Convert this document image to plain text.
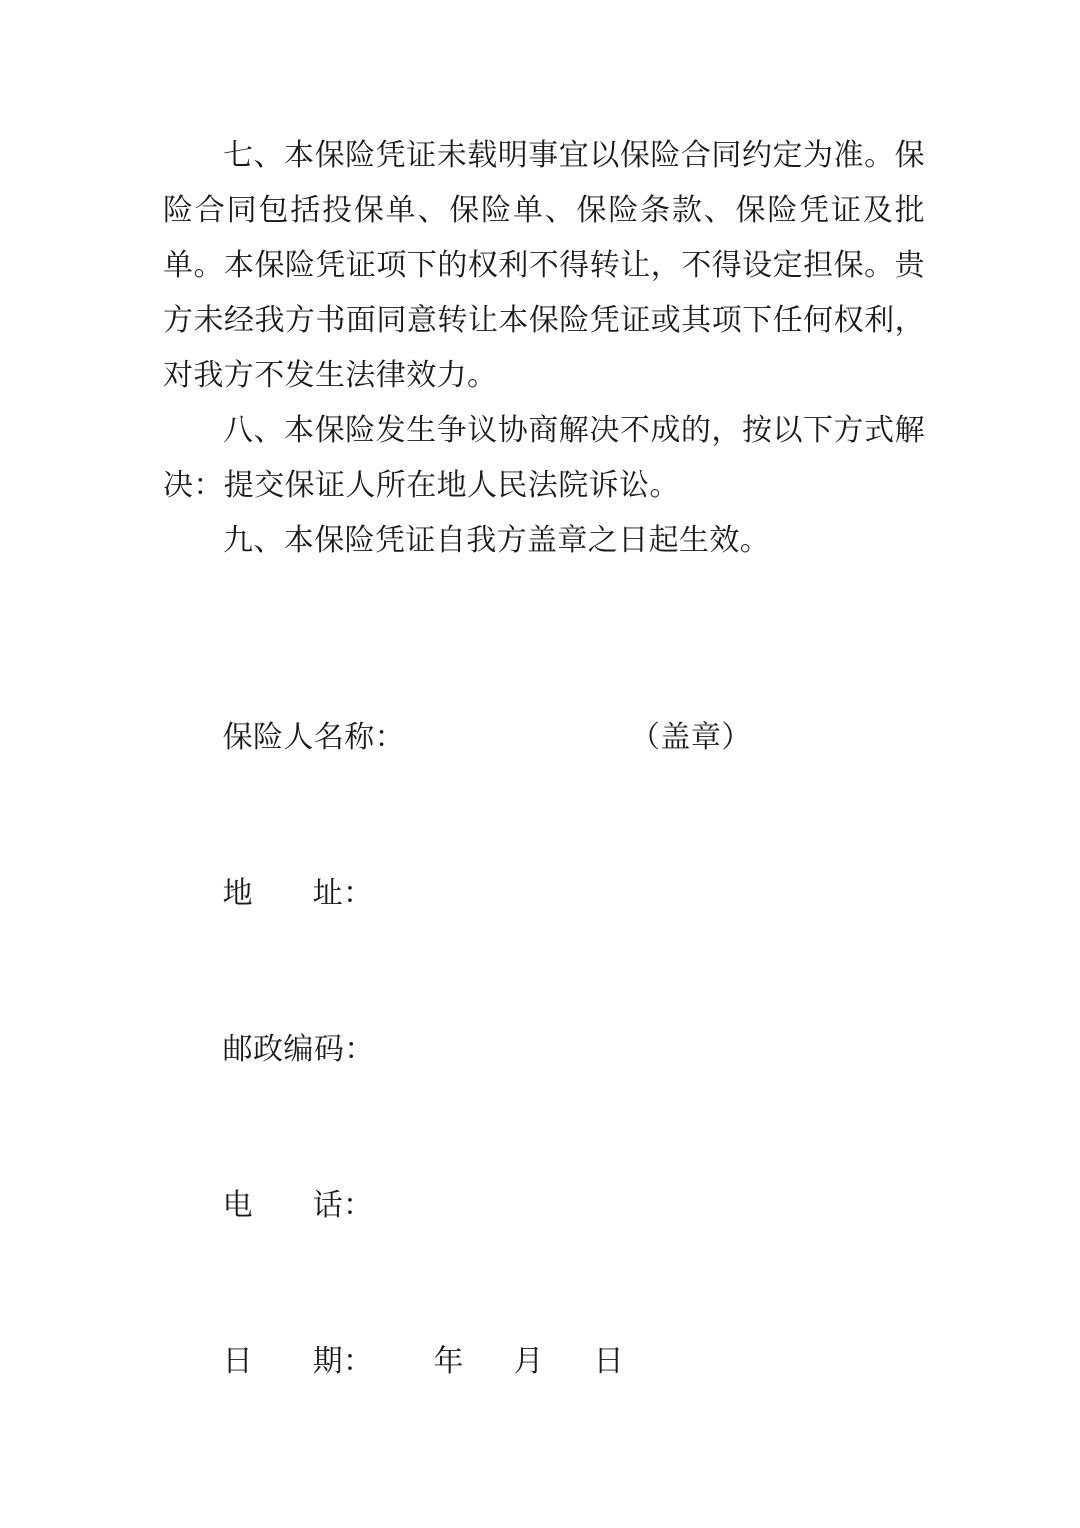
七、本保险凭证未载明事宜以保险合同约定为准。保险合同包括投保单、保险单、保险条款、保险凭证及批单。本保险凭证项下的权利不得转让，不得设定担保。贵方未经我方书面同意转让本保险凭证或其项下任何权利，对我方不发生法律效力。

八、本保险发生争议协商解决不成的，按以下方式解决：提交保证人所在地人民法院诉讼。

九、本保险凭证自我方盖章之日起生效。

保险人名称：	（盖章）

地      址：

邮政编码：

电      话：

日      期： 年     月     日
